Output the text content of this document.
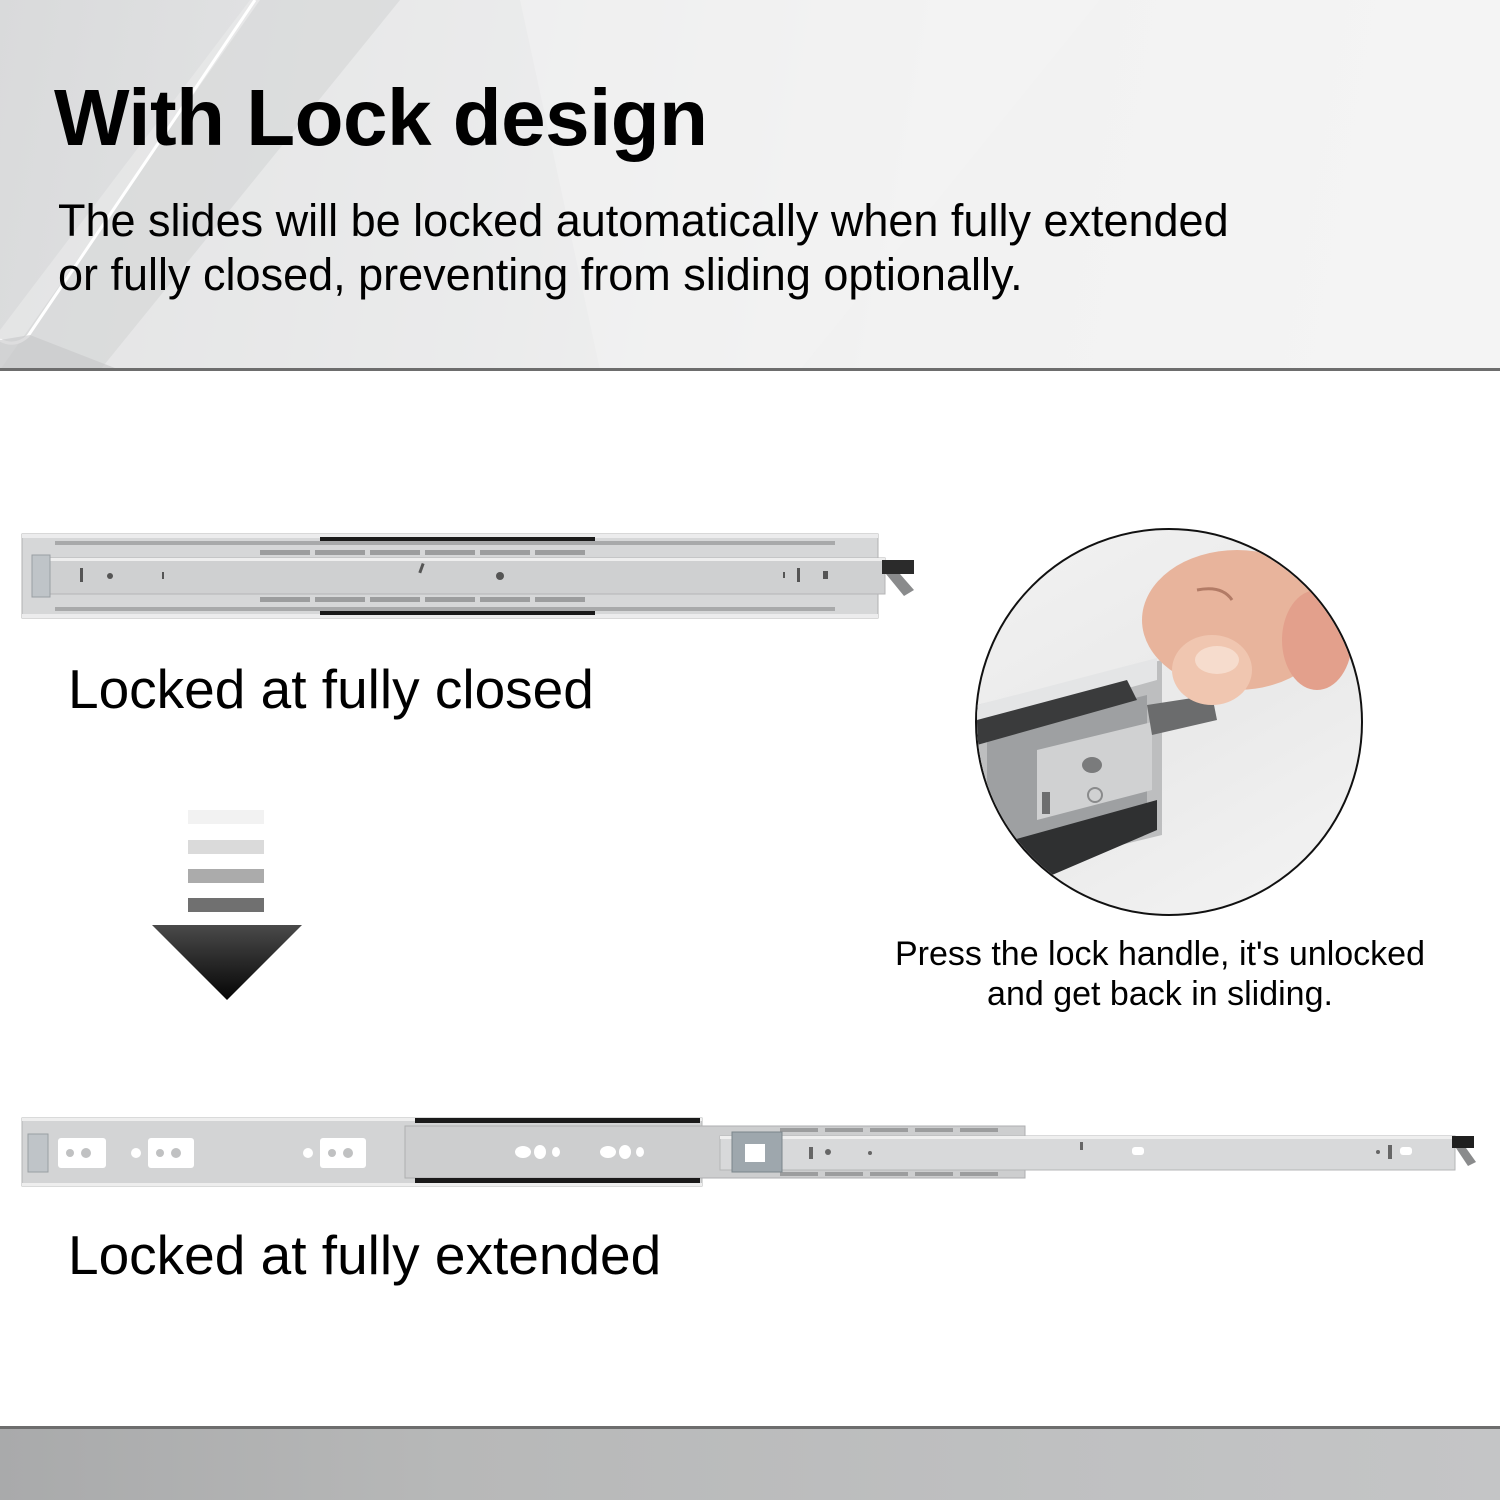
With Lock design
The slides will be locked automatically when fully extended
or fully closed, preventing from sliding optionally.
Locked at fully closed
Press the lock handle, it's unlocked
and get back in sliding.
Locked at fully extended
